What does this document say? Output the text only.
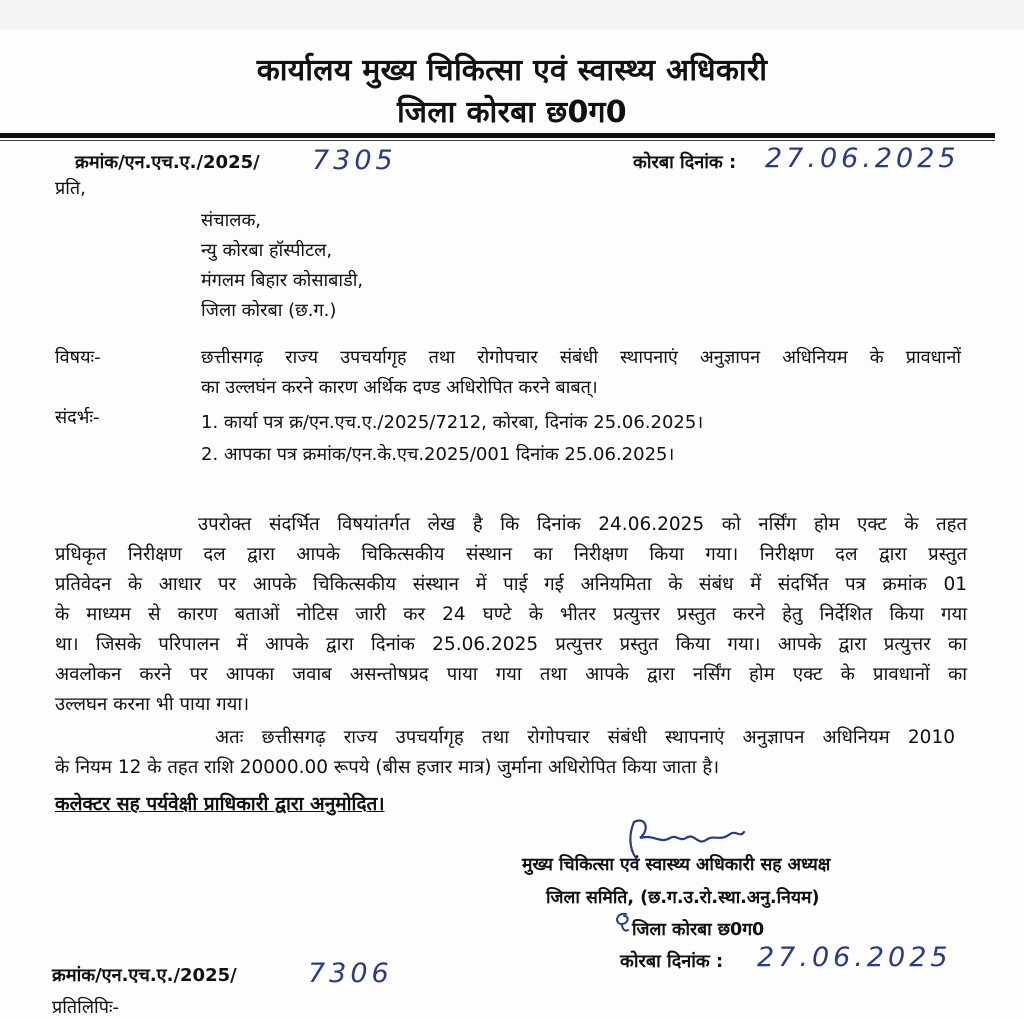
कार्यालय मुख्य चिकित्सा एवं स्वास्थ्य अधिकारी
जिला कोरबा छ0ग0
क्रमांक/एन.एच.ए./2025/ 7305	कोरबा दिनांक : 27.06.2025
प्रति,
संचालक,
न्यु कोरबा हॉस्पीटल,
मंगलम बिहार कोसाबाडी,
जिला कोरबा (छ.ग.)
विषयः-	छत्तीसगढ़ राज्य उपचर्यागृह तथा रोगोपचार संबंधी स्थापनाएं अनुज्ञापन अधिनियम के प्रावधानों
का उल्लघंन करने कारण अर्थिक दण्ड अधिरोपित करने बाबत्।
संदर्भः-	1. कार्या पत्र क्र/एन.एच.ए./2025/7212, कोरबा, दिनांक 25.06.2025।
2. आपका पत्र क्रमांक/एन.के.एच.2025/001 दिनांक 25.06.2025।
उपरोक्त संदर्भित विषयांतर्गत लेख है कि दिनांक 24.06.2025 को नर्सिंग होम एक्ट के तहत
प्रधिकृत निरीक्षण दल द्वारा आपके चिकित्सकीय संस्थान का निरीक्षण किया गया। निरीक्षण दल द्वारा प्रस्तुत
प्रतिवेदन के आधार पर आपके चिकित्सकीय संस्थान में पाई गई अनियमिता के संबंध में संदर्भित पत्र क्रमांक 01
के माध्यम से कारण बताओं नोटिस जारी कर 24 घण्टे के भीतर प्रत्युत्तर प्रस्तुत करने हेतु निर्देशित किया गया
था। जिसके परिपालन में आपके द्वारा दिनांक 25.06.2025 प्रत्युत्तर प्रस्तुत किया गया। आपके द्वारा प्रत्युत्तर का
अवलोकन करने पर आपका जवाब असन्तोषप्रद पाया गया तथा आपके द्वारा नर्सिंग होम एक्ट के प्रावधानों का
उल्लघन करना भी पाया गया।
अतः छत्तीसगढ़ राज्य उपचर्यागृह तथा रोगोपचार संबंधी स्थापनाएं अनुज्ञापन अधिनियम 2010
के नियम 12 के तहत राशि 20000.00 रूपये (बीस हजार मात्र) जुर्माना अधिरोपित किया जाता है।
कलेक्टर सह पर्यवेक्षी प्राधिकारी द्वारा अनुमोदित।
मुख्य चिकित्सा एवं स्वास्थ्य अधिकारी सह अध्यक्ष
जिला समिति, (छ.ग.उ.रो.स्था.अनु.नियम)
जिला कोरबा छ0ग0
कोरबा दिनांक : 27.06.2025
क्रमांक/एन.एच.ए./2025/	7306
प्रतिलिपिः-
